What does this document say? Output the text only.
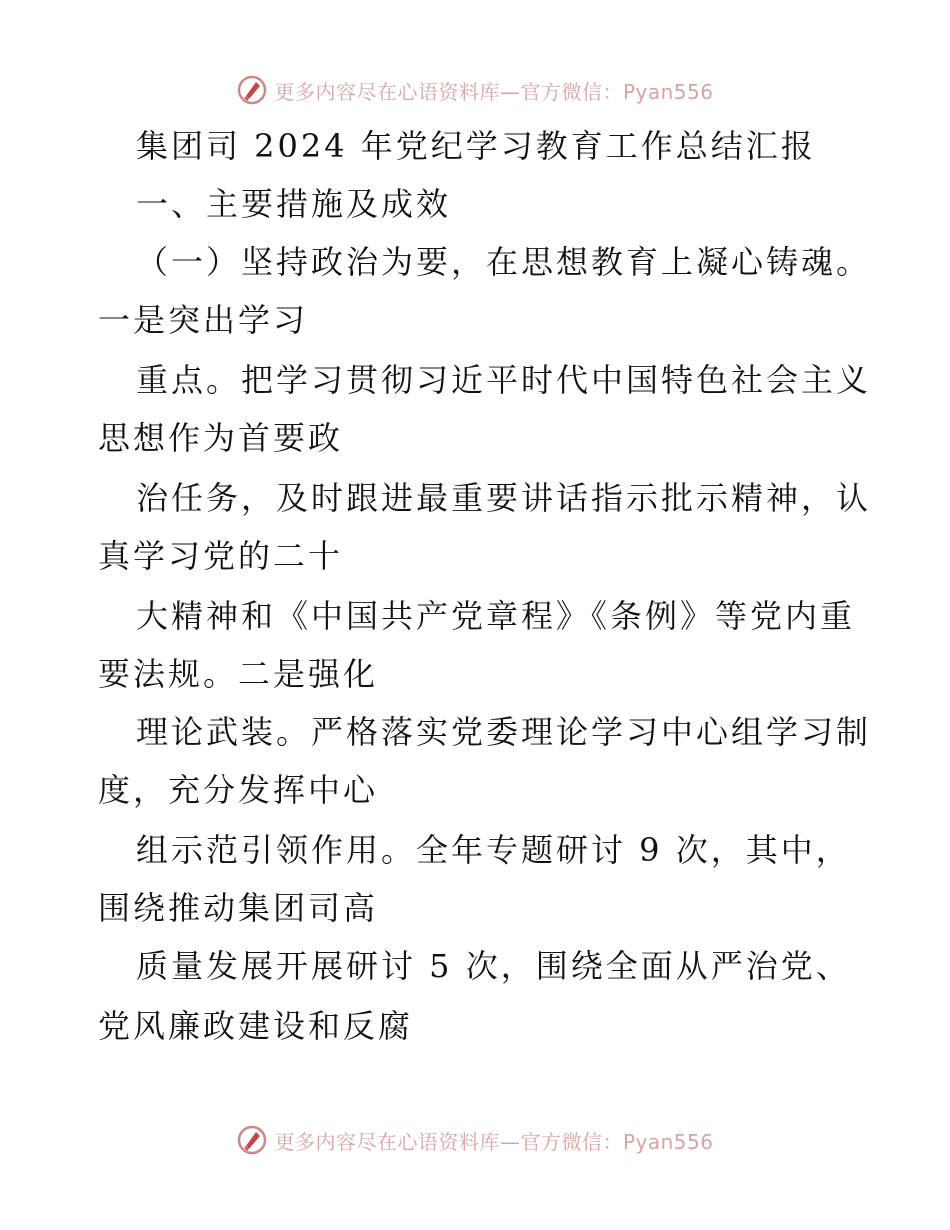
更多内容尽在心语资料库—官方微信：Pyan556
集团司 2024 年党纪学习教育工作总结汇报
一、主要措施及成效
（一）坚持政治为要，在思想教育上凝心铸魂。
一是突出学习
重点。把学习贯彻习近平时代中国特色社会主义
思想作为首要政
治任务，及时跟进最重要讲话指示批示精神，认
真学习党的二十
大精神和《中国共产党章程》《条例》等党内重
要法规。二是强化
理论武装。严格落实党委理论学习中心组学习制
度，充分发挥中心
组示范引领作用。全年专题研讨 9 次，其中，
围绕推动集团司高
质量发展开展研讨 5 次，围绕全面从严治党、
党风廉政建设和反腐
更多内容尽在心语资料库—官方微信：Pyan556
